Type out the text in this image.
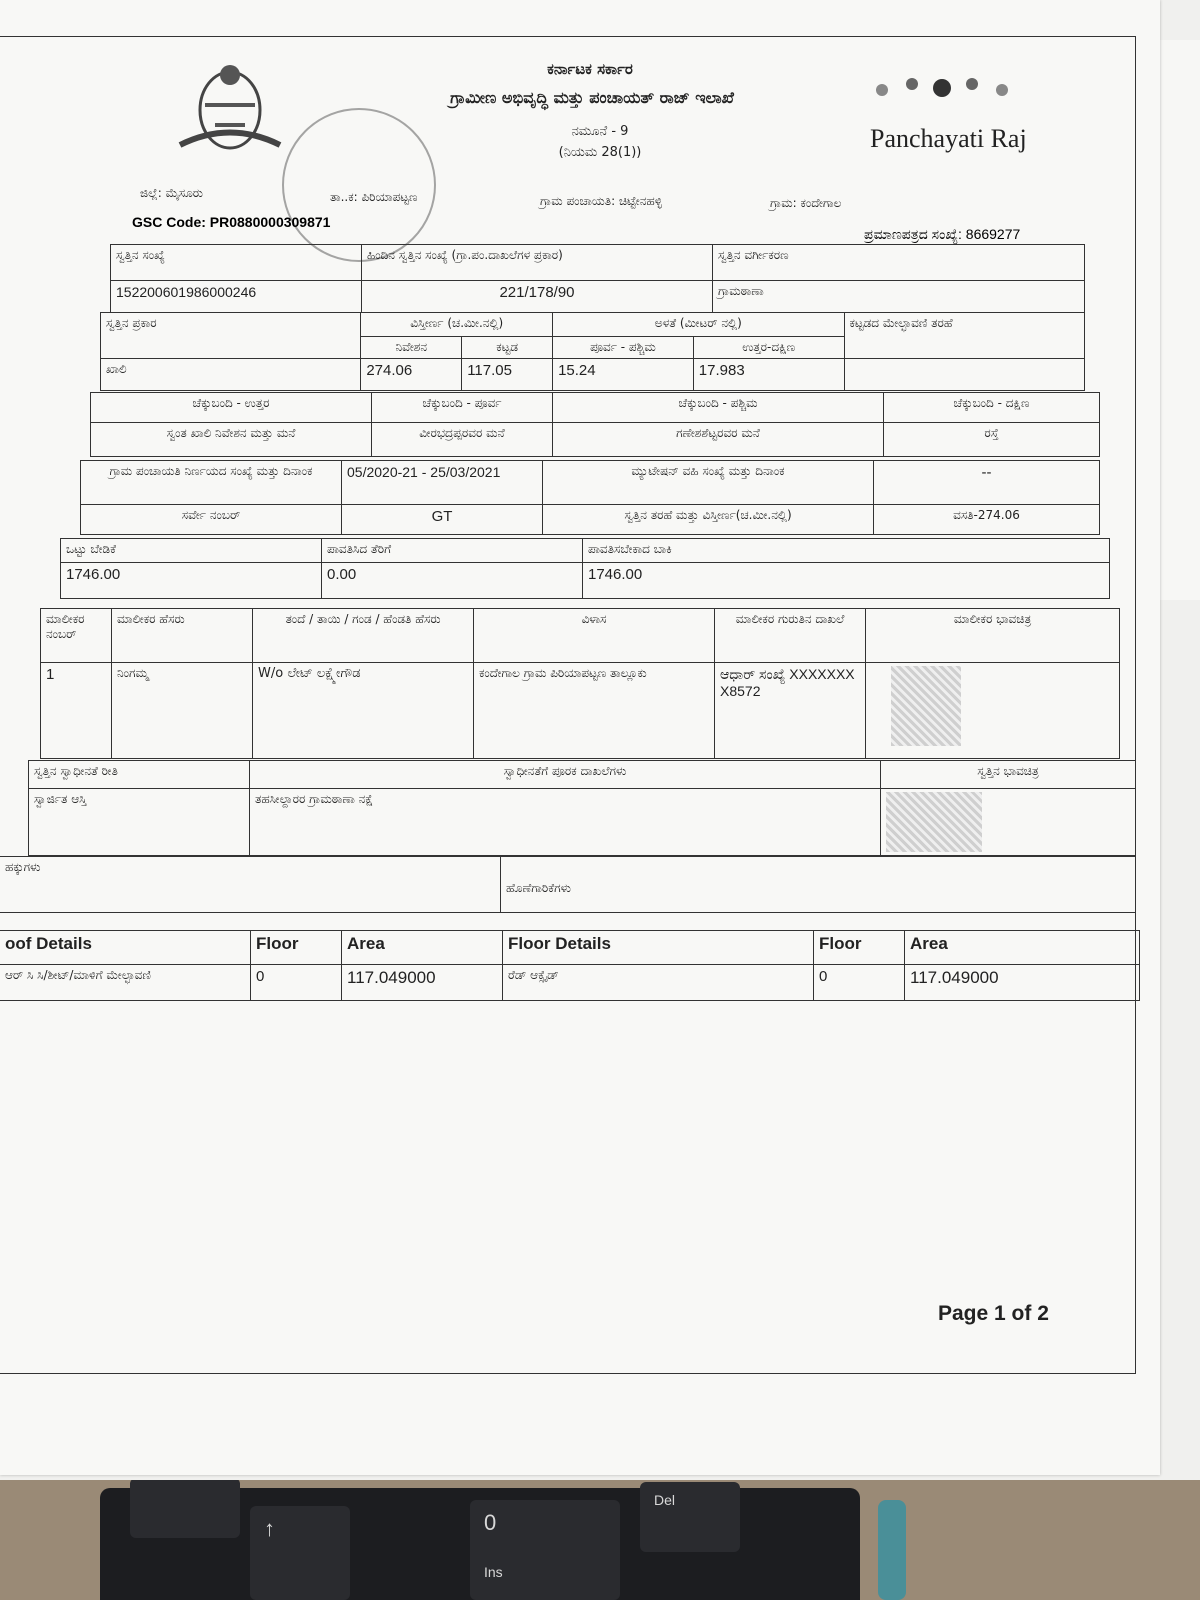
↑	0
Ins
Del
ಕರ್ನಾಟಕ ಸರ್ಕಾರ
ಗ್ರಾಮೀಣ ಅಭಿವೃದ್ಧಿ ಮತ್ತು ಪಂಚಾಯತ್ ರಾಜ್ ಇಲಾಖೆ
ನಮೂನೆ - 9
(ನಿಯಮ 28(1))	Panchayati Raj
ಜಿಲ್ಲೆ: ಮೈಸೂರು	ತಾ..ಕ: ಪಿರಿಯಾಪಟ್ಟಣ	ಗ್ರಾಮ ಪಂಚಾಯತಿ: ಚಿಟ್ಟೇನಹಳ್ಳಿ	ಗ್ರಾಮ: ಕಂದೇಗಾಲ
GSC Code: PR0880000309871
ಪ್ರಮಾಣಪತ್ರದ ಸಂಖ್ಯೆ: 8669277
ಸ್ವತ್ತಿನ ಸಂಖ್ಯೆ	ಹಿಂದಿನ ಸ್ವತ್ತಿನ ಸಂಖ್ಯೆ (ಗ್ರಾ.ಪಂ.ದಾಖಲೆಗಳ ಪ್ರಕಾರ)	ಸ್ವತ್ತಿನ ವರ್ಗೀಕರಣ

152200601986000246	221/178/90	ಗ್ರಾಮಠಾಣಾ
ಸ್ವತ್ತಿನ ಪ್ರಕಾರ	ವಿಸ್ತೀರ್ಣ (ಚ.ಮೀ.ನಲ್ಲಿ)		ಅಳತೆ (ಮೀಟರ್ ನಲ್ಲಿ)		ಕಟ್ಟಡದ ಮೇಲ್ಛಾವಣಿ ತರಹೆ

	ನಿವೇಶನ	ಕಟ್ಟಡ	ಪೂರ್ವ - ಪಶ್ಚಿಮ	ಉತ್ತರ-ದಕ್ಷಿಣ	

ಖಾಲಿ	274.06	117.05	15.24	17.983	

ಚೆಕ್ಕುಬಂದಿ - ಉತ್ತರ	ಚೆಕ್ಕುಬಂದಿ - ಪೂರ್ವ	ಚೆಕ್ಕುಬಂದಿ - ಪಶ್ಚಿಮ	ಚೆಕ್ಕುಬಂದಿ - ದಕ್ಷಿಣ

ಸ್ವಂತ ಖಾಲಿ ನಿವೇಶನ ಮತ್ತು ಮನೆ	ವೀರಭದ್ರಪ್ಪರವರ ಮನೆ	ಗಣೇಶಶೆಟ್ಟರವರ ಮನೆ	ರಸ್ತೆ
ಗ್ರಾಮ ಪಂಚಾಯತಿ ನಿರ್ಣಯದ ಸಂಖ್ಯೆ ಮತ್ತು ದಿನಾಂಕ	05/2020-21 - 25/03/2021	ಮ್ಯುಟೇಷನ್ ವಹಿ ಸಂಖ್ಯೆ ಮತ್ತು ದಿನಾಂಕ	--

ಸರ್ವೇ ನಂಬರ್	GT	ಸ್ವತ್ತಿನ ತರಹೆ ಮತ್ತು ವಿಸ್ತೀರ್ಣ(ಚ.ಮೀ.ನಲ್ಲಿ)	ವಸತಿ-274.06
ಒಟ್ಟು ಬೇಡಿಕೆ	ಪಾವತಿಸಿದ ತೆರಿಗೆ	ಪಾವತಿಸಬೇಕಾದ ಬಾಕಿ

1746.00	0.00	1746.00
ಮಾಲೀಕರ ನಂಬರ್	ಮಾಲೀಕರ ಹೆಸರು	ತಂದೆ / ತಾಯಿ / ಗಂಡ / ಹೆಂಡತಿ ಹೆಸರು	ವಿಳಾಸ	ಮಾಲೀಕರ ಗುರುತಿನ ದಾಖಲೆ	ಮಾಲೀಕರ ಭಾವಚಿತ್ರ

1	ನಿಂಗಮ್ಮ	W/o ಲೇಟ್ ಲಕ್ಷ್ಮೇಗೌಡ	ಕಂದೇಗಾಲ ಗ್ರಾಮ ಪಿರಿಯಾಪಟ್ಟಣ ತಾಲ್ಲೂಕು	ಆಧಾರ್ ಸಂಖ್ಯೆ XXXXXXXX8572	

ಸ್ವತ್ತಿನ ಸ್ವಾಧೀನತೆ ರೀತಿ	ಸ್ವಾಧೀನತೆಗೆ ಪೂರಕ ದಾಖಲೆಗಳು	ಸ್ವತ್ತಿನ ಭಾವಚಿತ್ರ

ಸ್ವಾರ್ಜಿತ ಆಸ್ತಿ	ತಹಸೀಲ್ದಾರರ ಗ್ರಾಮಠಾಣಾ ನಕ್ಷೆ	

ಹಕ್ಕುಗಳು

ಹೊಣೆಗಾರಿಕೆಗಳು
oof Details	Floor	Area	Floor Details	Floor	Area

ಆರ್ ಸಿ ಸಿ/ಶೀಟ್/ಮಾಳಿಗೆ ಮೇಲ್ಛಾವಣಿ	0	117.049000	ರೆಡ್ ಆಕ್ಸೈಡ್	0	117.049000
Page 1 of 2
